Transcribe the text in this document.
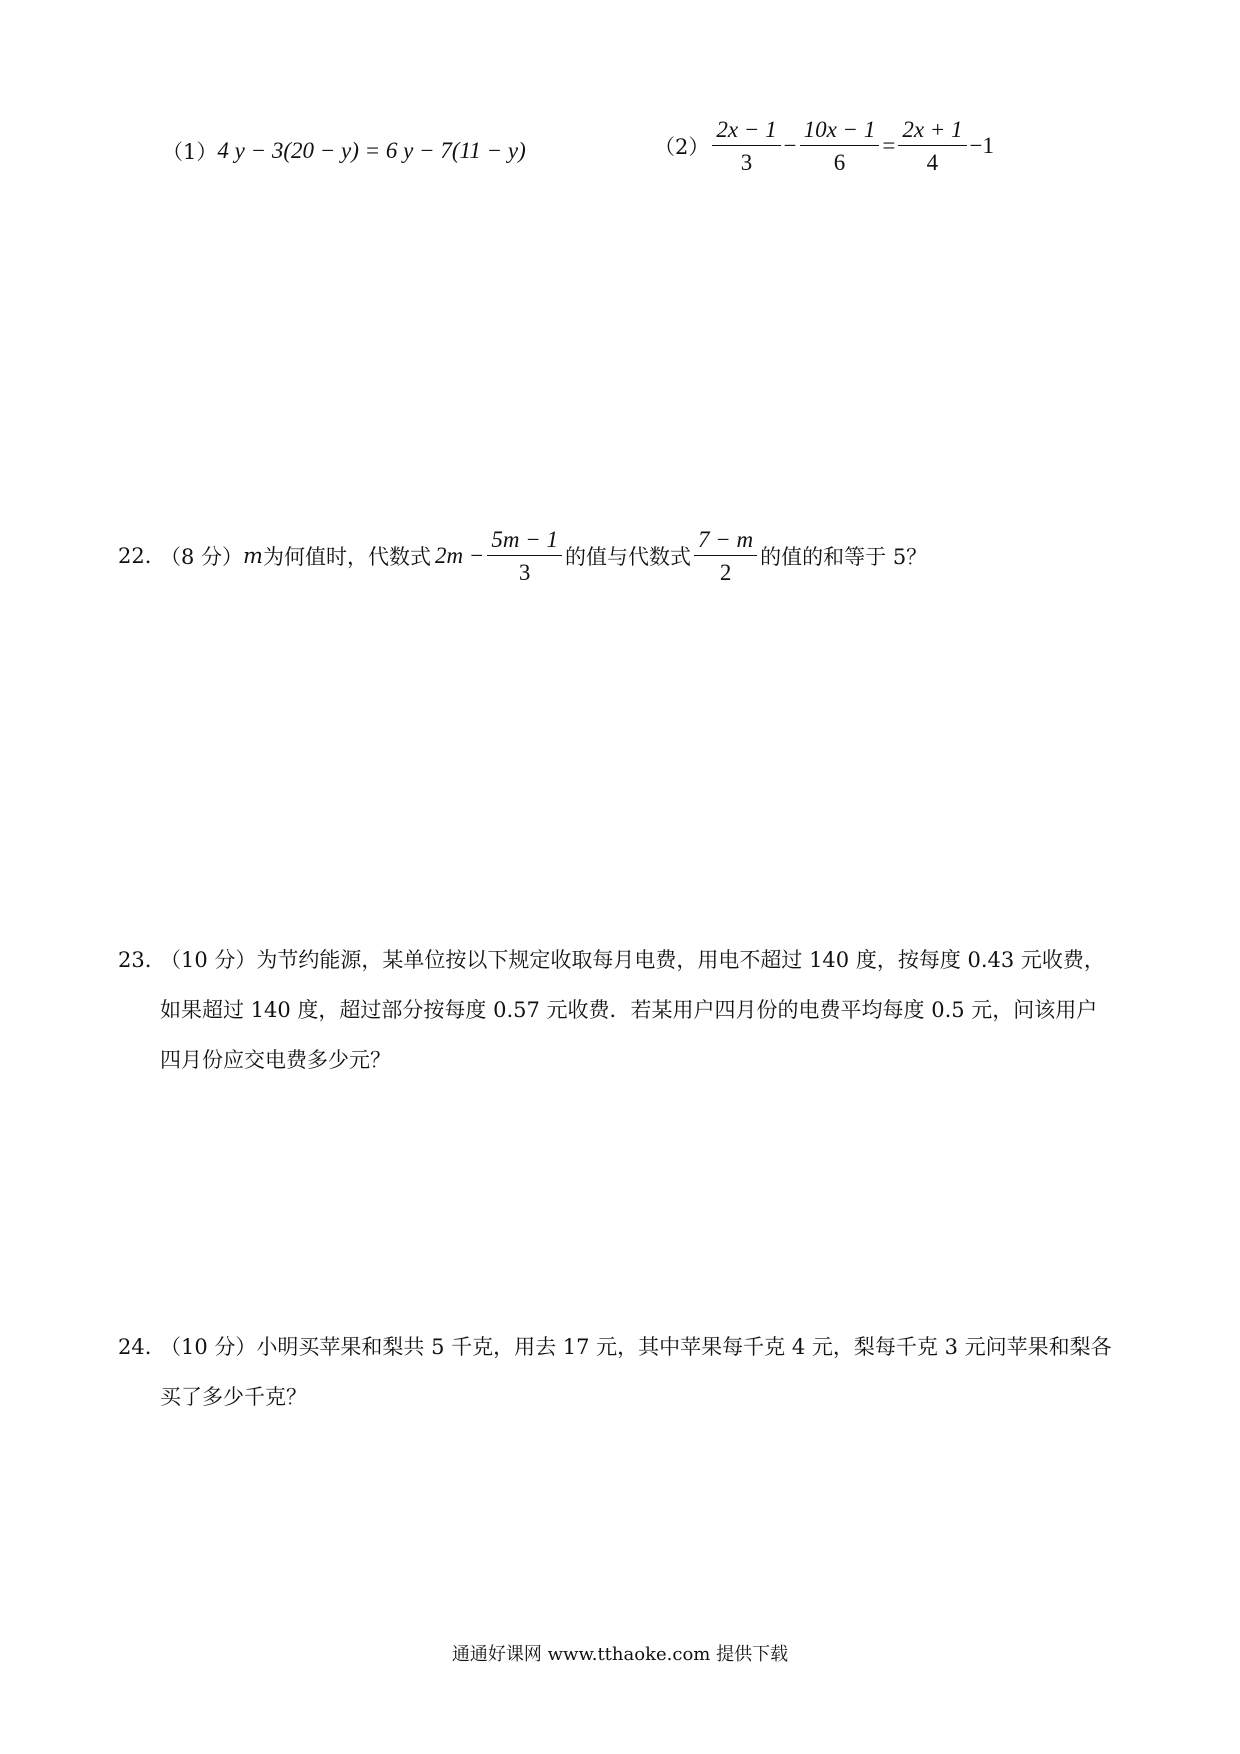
（1） 4 y − 3(20 − y) = 6 y − 7(11 − y)	$(2) \frac{2x - 1}{3} - \frac{10x - 1}{6} = \frac{2x + 1}{4} -1$
22. （8 分） m 为何值时，代数式 $2m - \frac{5m - 1}{3}$ 的值与代数式 $\frac{7 - m}{2}$ 的值的和等于 5？
23. （10 分）为节约能源，某单位按以下规定收取每月电费，用电不超过 140 度，按每度 0.43 元收费，
如果超过 140 度，超过部分按每度 0.57 元收费．若某用户四月份的电费平均每度 0.5 元，问该用户
四月份应交电费多少元？
24. （10 分）小明买苹果和梨共 5 千克，用去 17 元，其中苹果每千克 4 元，梨每千克 3 元问苹果和梨各
买了多少千克？
通通好课网 www.tthaoke.com 提供下载
